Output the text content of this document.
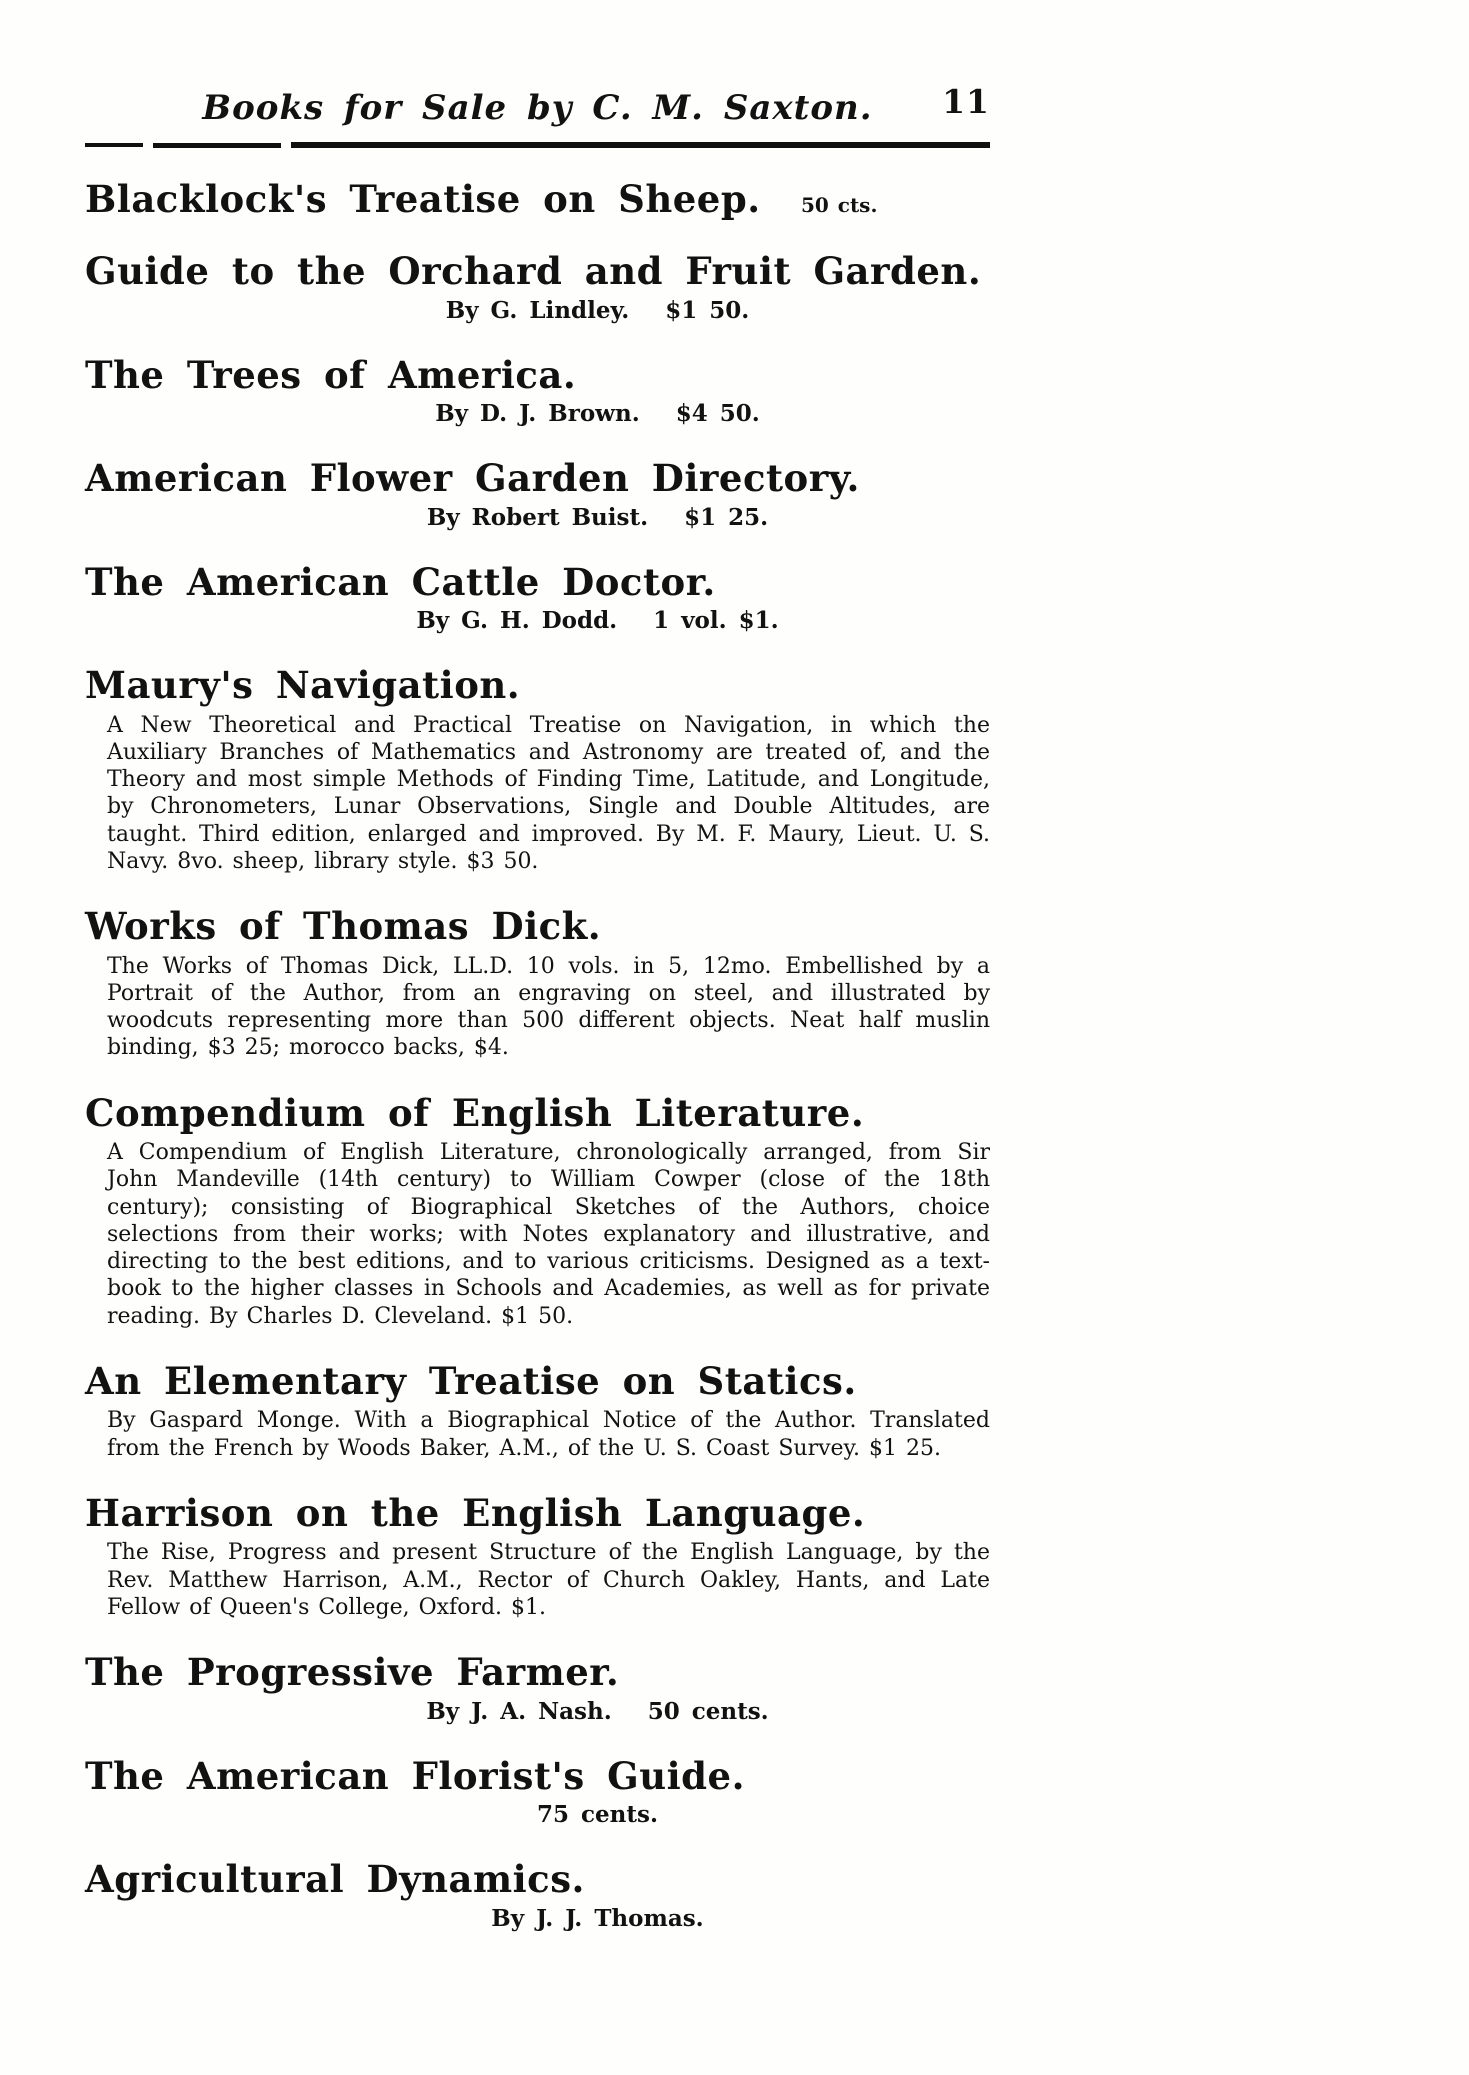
Books for Sale by C. M. Saxton. 11
Blacklock's Treatise on Sheep. 50 cts.
Guide to the Orchard and Fruit Garden.
By G. Lindley.   $1 50.
The Trees of America.
By D. J. Brown.   $4 50.
American Flower Garden Directory.
By Robert Buist.   $1 25.
The American Cattle Doctor.
By G. H. Dodd.   1 vol. $1.
Maury's Navigation.

A New Theoretical and Practical Treatise on Navigation, in which the Auxiliary Branches of Mathematics and Astronomy are treated of, and the Theory and most simple Methods of Finding Time, Latitude, and Longitude, by Chronometers, Lunar Observations, Single and Double Altitudes, are taught. Third edition, enlarged and improved. By M. F. Maury, Lieut. U. S. Navy. 8vo. sheep, library style. $3 50.

Works of Thomas Dick.

The Works of Thomas Dick, LL.D. 10 vols. in 5, 12mo. Embellished by a Portrait of the Author, from an engraving on steel, and illustrated by woodcuts representing more than 500 different objects. Neat half muslin binding, $3 25; morocco backs, $4.

Compendium of English Literature.

A Compendium of English Literature, chronologically arranged, from Sir John Mandeville (14th century) to William Cowper (close of the 18th century); consisting of Biographical Sketches of the Authors, choice selections from their works; with Notes explanatory and illustrative, and directing to the best editions, and to various criticisms. Designed as a text-book to the higher classes in Schools and Academies, as well as for private reading. By Charles D. Cleveland. $1 50.

An Elementary Treatise on Statics.

By Gaspard Monge. With a Biographical Notice of the Author. Translated from the French by Woods Baker, A.M., of the U. S. Coast Survey. $1 25.

Harrison on the English Language.

The Rise, Progress and present Structure of the English Language, by the Rev. Matthew Harrison, A.M., Rector of Church Oakley, Hants, and Late Fellow of Queen's College, Oxford. $1.

The Progressive Farmer.
By J. A. Nash.   50 cents.
The American Florist's Guide.
75 cents.
Agricultural Dynamics.
By J. J. Thomas.
